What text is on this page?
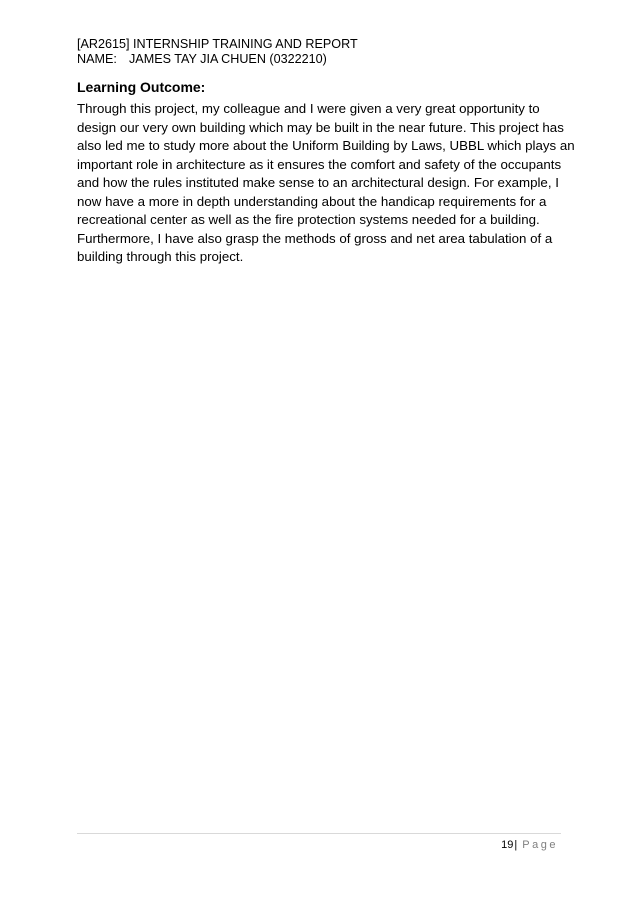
[AR2615] INTERNSHIP TRAINING AND REPORT
NAME: JAMES TAY JIA CHUEN (0322210)
Learning Outcome:
Through this project, my colleague and I were given a very great opportunity to
design our very own building which may be built in the near future. This project has
also led me to study more about the Uniform Building by Laws, UBBL which plays an
important role in architecture as it ensures the comfort and safety of the occupants
and how the rules instituted make sense to an architectural design. For example, I
now have a more in depth understanding about the handicap requirements for a
recreational center as well as the fire protection systems needed for a building.
Furthermore, I have also grasp the methods of gross and net area tabulation of a
building through this project.
19| Page
